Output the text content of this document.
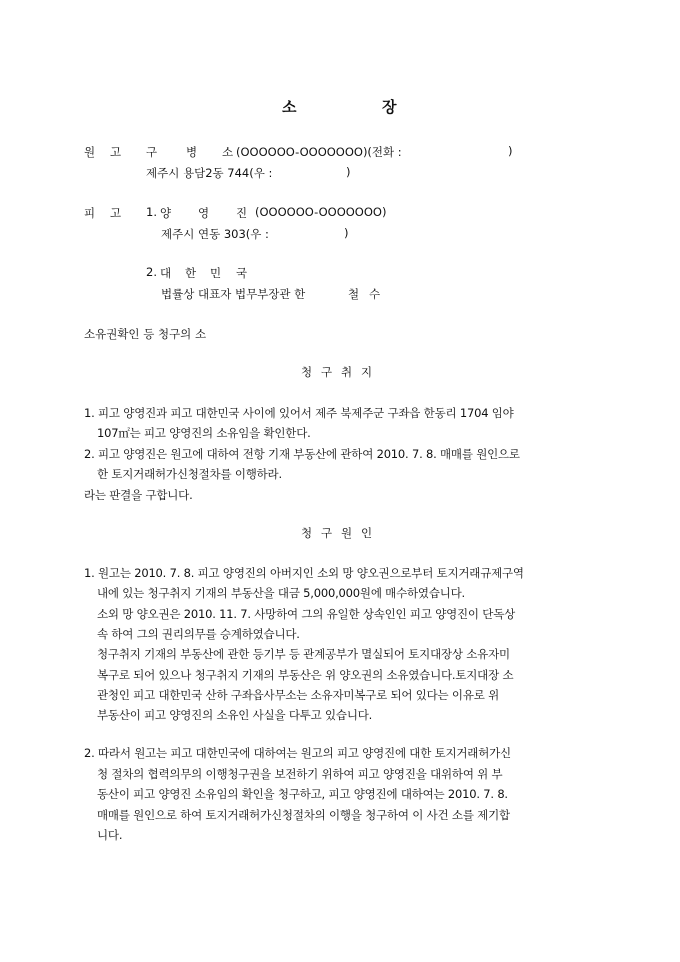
소	장
원 고 구	병 소 (OOOOOO-OOOOOOO)(전화 :	)
제주시 용담2동 744(우 :	)
피 고 1. 양 영 진 (OOOOOO-OOOOOOO)
제주시 연동 303(우 :	)
2. 대 한 민 국
법률상 대표자 법무부장관 한	철 수
소유권확인 등 청구의 소
청 구 취 지
1. 피고 양영진과 피고 대한민국 사이에 있어서 제주 북제주군 구좌읍 한동리 1704 임야
107㎡는 피고 양영진의 소유임을 확인한다.
2. 피고 양영진은 원고에 대하여 전항 기재 부동산에 관하여 2010. 7. 8. 매매를 원인으로
한 토지거래허가신청절차를 이행하라.
라는 판결을 구합니다.
청 구 원 인
1. 원고는 2010. 7. 8. 피고 양영진의 아버지인 소외 망 양오권으로부터 토지거래규제구역
내에 있는 청구취지 기재의 부동산을 대금 5,000,000원에 매수하였습니다.
소외 망 양오권은 2010. 11. 7. 사망하여 그의 유일한 상속인인 피고 양영진이 단독상
속 하여 그의 권리의무를 승계하였습니다.
청구취지 기재의 부동산에 관한 등기부 등 관계공부가 멸실되어 토지대장상 소유자미
복구로 되어 있으나 청구취지 기재의 부동산은 위 양오권의 소유였습니다.토지대장 소
관청인 피고 대한민국 산하 구좌읍사무소는 소유자미복구로 되어 있다는 이유로 위
부동산이 피고 양영진의 소유인 사실을 다투고 있습니다.
2. 따라서 원고는 피고 대한민국에 대하여는 원고의 피고 양영진에 대한 토지거래허가신
청 절차의 협력의무의 이행청구권을 보전하기 위하여 피고 양영진을 대위하여 위 부
동산이 피고 양영진 소유임의 확인을 청구하고, 피고 양영진에 대하여는 2010. 7. 8.
매매를 원인으로 하여 토지거래허가신청절차의 이행을 청구하여 이 사건 소를 제기합
니다.
